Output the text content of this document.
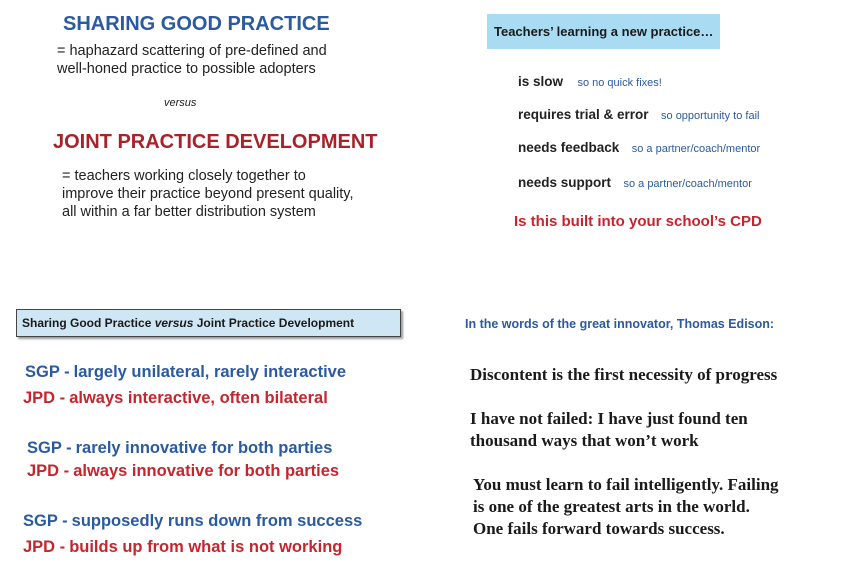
SHARING GOOD PRACTICE
= haphazard scattering of pre-defined and
well-honed practice to possible adopters
versus
JOINT PRACTICE DEVELOPMENT
= teachers working closely together to
improve their practice beyond present quality,
all within a far better distribution system
Teachers’ learning a new practice…
is slow so no quick fixes!
requires trial & error so opportunity to fail
needs feedback so a partner/coach/mentor
needs support so a partner/coach/mentor
Is this built into your school’s CPD
Sharing Good Practice versus Joint Practice Development
SGP - largely unilateral, rarely interactive
JPD - always interactive, often bilateral
SGP - rarely innovative for both parties
JPD - always innovative for both parties
SGP - supposedly runs down from success
JPD - builds up from what is not working
In the words of the great innovator, Thomas Edison:
Discontent is the first necessity of progress
I have not failed: I have just found ten
thousand ways that won’t work
You must learn to fail intelligently. Failing
is one of the greatest arts in the world.
One fails forward towards success.
